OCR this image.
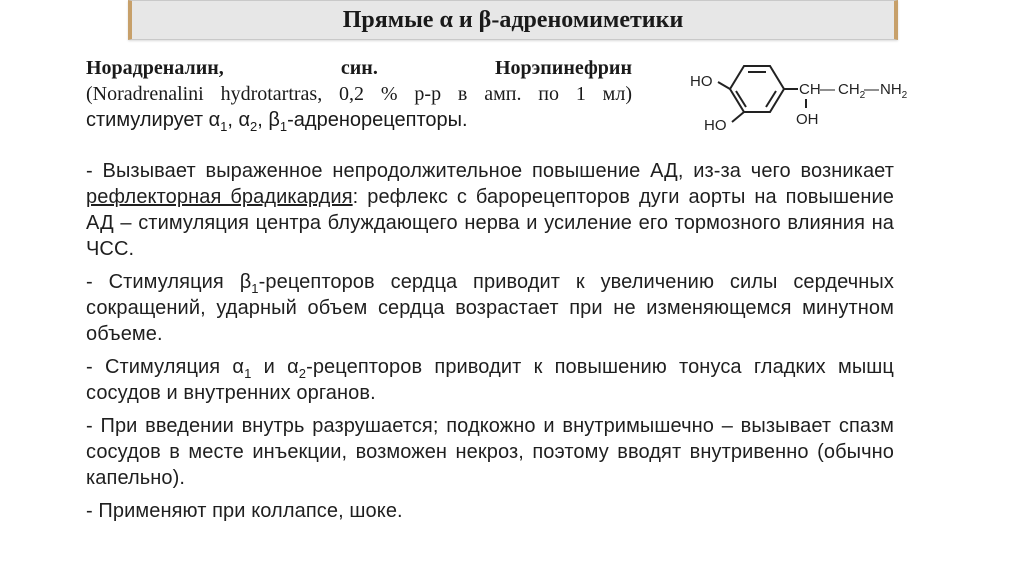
Прямые α и β-адреномиметики

Норадреналин,	син.	Норэпинефрин

(Noradrenalini hydrotartras, 0,2 % р-р в амп. по 1 мл) стимулирует $\alpha_1$, $\alpha_2$, $\beta_1$-адренорецепторы.

HO
HO
CH — $CH_2$
— $NH_2$
OH

- Вызывает выраженное непродолжительное повышение АД, из-за чего возникает рефлекторная брадикардия: рефлекс с барорецепторов дуги аорты на повышение АД – стимуляция центра блуждающего нерва и усиление его тормозного влияния на ЧСС.

- Стимуляция $\beta_1$-рецепторов сердца приводит к увеличению силы сердечных сокращений, ударный объем сердца возрастает при не изменяющемся минутном объеме.

- Стимуляция $\alpha_1$ и $\alpha_2$-рецепторов приводит к повышению тонуса гладких мышц сосудов и внутренних органов.

- При введении внутрь разрушается; подкожно и внутримышечно – вызывает спазм сосудов в месте инъекции, возможен некроз, поэтому вводят внутривенно (обычно капельно).

- Применяют при коллапсе, шоке.
